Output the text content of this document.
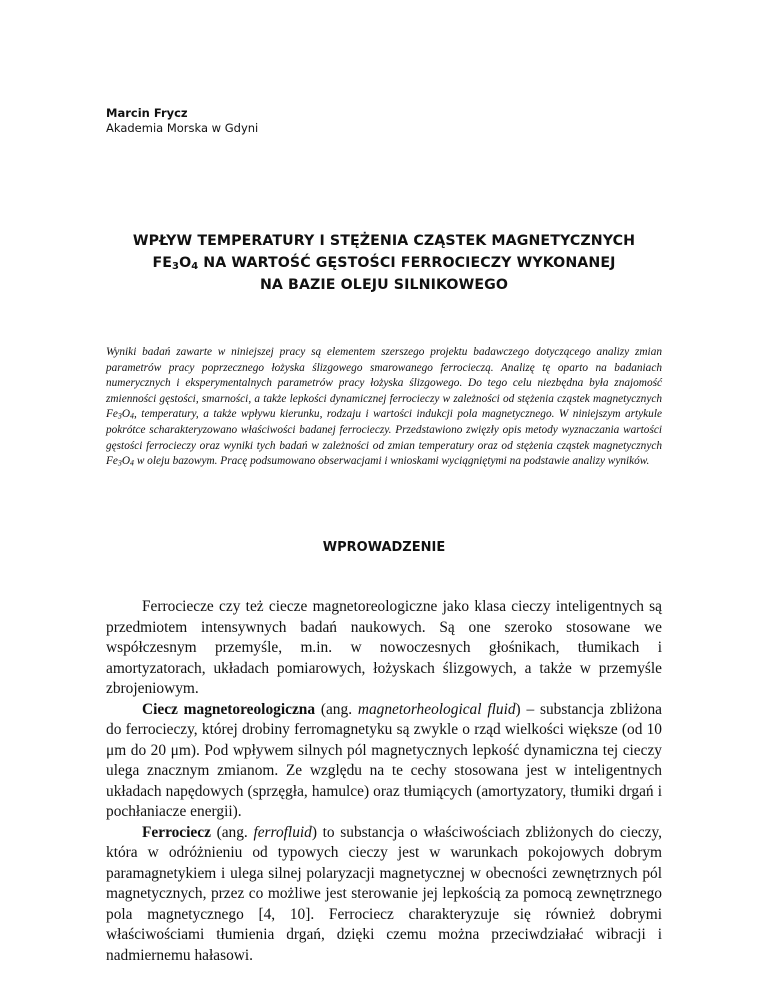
Marcin Frycz
Akademia Morska w Gdyni
WPŁYW TEMPERATURY I STĘŻENIA CZĄSTEK MAGNETYCZNYCH
$FE_3O_4$ NA WARTOŚĆ GĘSTOŚCI FERROCIECZY WYKONANEJ
NA BAZIE OLEJU SILNIKOWEGO
Wyniki badań zawarte w niniejszej pracy są elementem szerszego projektu badawczego dotyczącego analizy zmian parametrów pracy poprzecznego łożyska ślizgowego smarowanego ferrocieczą. Analizę tę oparto na badaniach numerycznych i eksperymentalnych parametrów pracy łożyska ślizgowego. Do tego celu niezbędna była znajomość zmienności gęstości, smarności, a także lepkości dynamicznej ferrocieczy w zależności od stężenia cząstek magnetycznych $Fe_3O_4$, temperatury, a także wpływu kierunku, rodzaju i wartości indukcji pola magnetycznego. W niniejszym artykule pokrótce scharakteryzowano właściwości badanej ferrocieczy. Przedstawiono zwięzły opis metody wyznaczania wartości gęstości ferrocieczy oraz wyniki tych badań w zależności od zmian temperatury oraz od stężenia cząstek magnetycznych $Fe_3O_4$ w oleju bazowym. Pracę podsumowano obserwacjami i wnioskami wyciągniętymi na podstawie analizy wyników.
WPROWADZENIE

Ferrociecze czy też ciecze magnetoreologiczne jako klasa cieczy inteligentnych są przedmiotem intensywnych badań naukowych. Są one szeroko stosowane we współczesnym przemyśle, m.in. w nowoczesnych głośnikach, tłumikach i amortyzatorach, układach pomiarowych, łożyskach ślizgowych, a także w przemyśle zbrojeniowym.

Ciecz magnetoreologiczna (ang. magnetorheological fluid) – substancja zbliżona do ferrocieczy, której drobiny ferromagnetyku są zwykle o rząd wielkości większe (od 10 μm do 20 μm). Pod wpływem silnych pól magnetycznych lepkość dynamiczna tej cieczy ulega znacznym zmianom. Ze względu na te cechy stosowana jest w inteligentnych układach napędowych (sprzęgła, hamulce) oraz tłumiących (amortyzatory, tłumiki drgań i pochłaniacze energii).

Ferrociecz (ang. ferrofluid) to substancja o właściwościach zbliżonych do cieczy, która w odróżnieniu od typowych cieczy jest w warunkach pokojowych dobrym paramagnetykiem i ulega silnej polaryzacji magnetycznej w obecności zewnętrznych pól magnetycznych, przez co możliwe jest sterowanie jej lepkością za pomocą zewnętrznego pola magnetycznego [4, 10]. Ferrociecz charakteryzuje się również dobrymi właściwościami tłumienia drgań, dzięki czemu można przeciwdziałać wibracji i nadmiernemu hałasowi.
